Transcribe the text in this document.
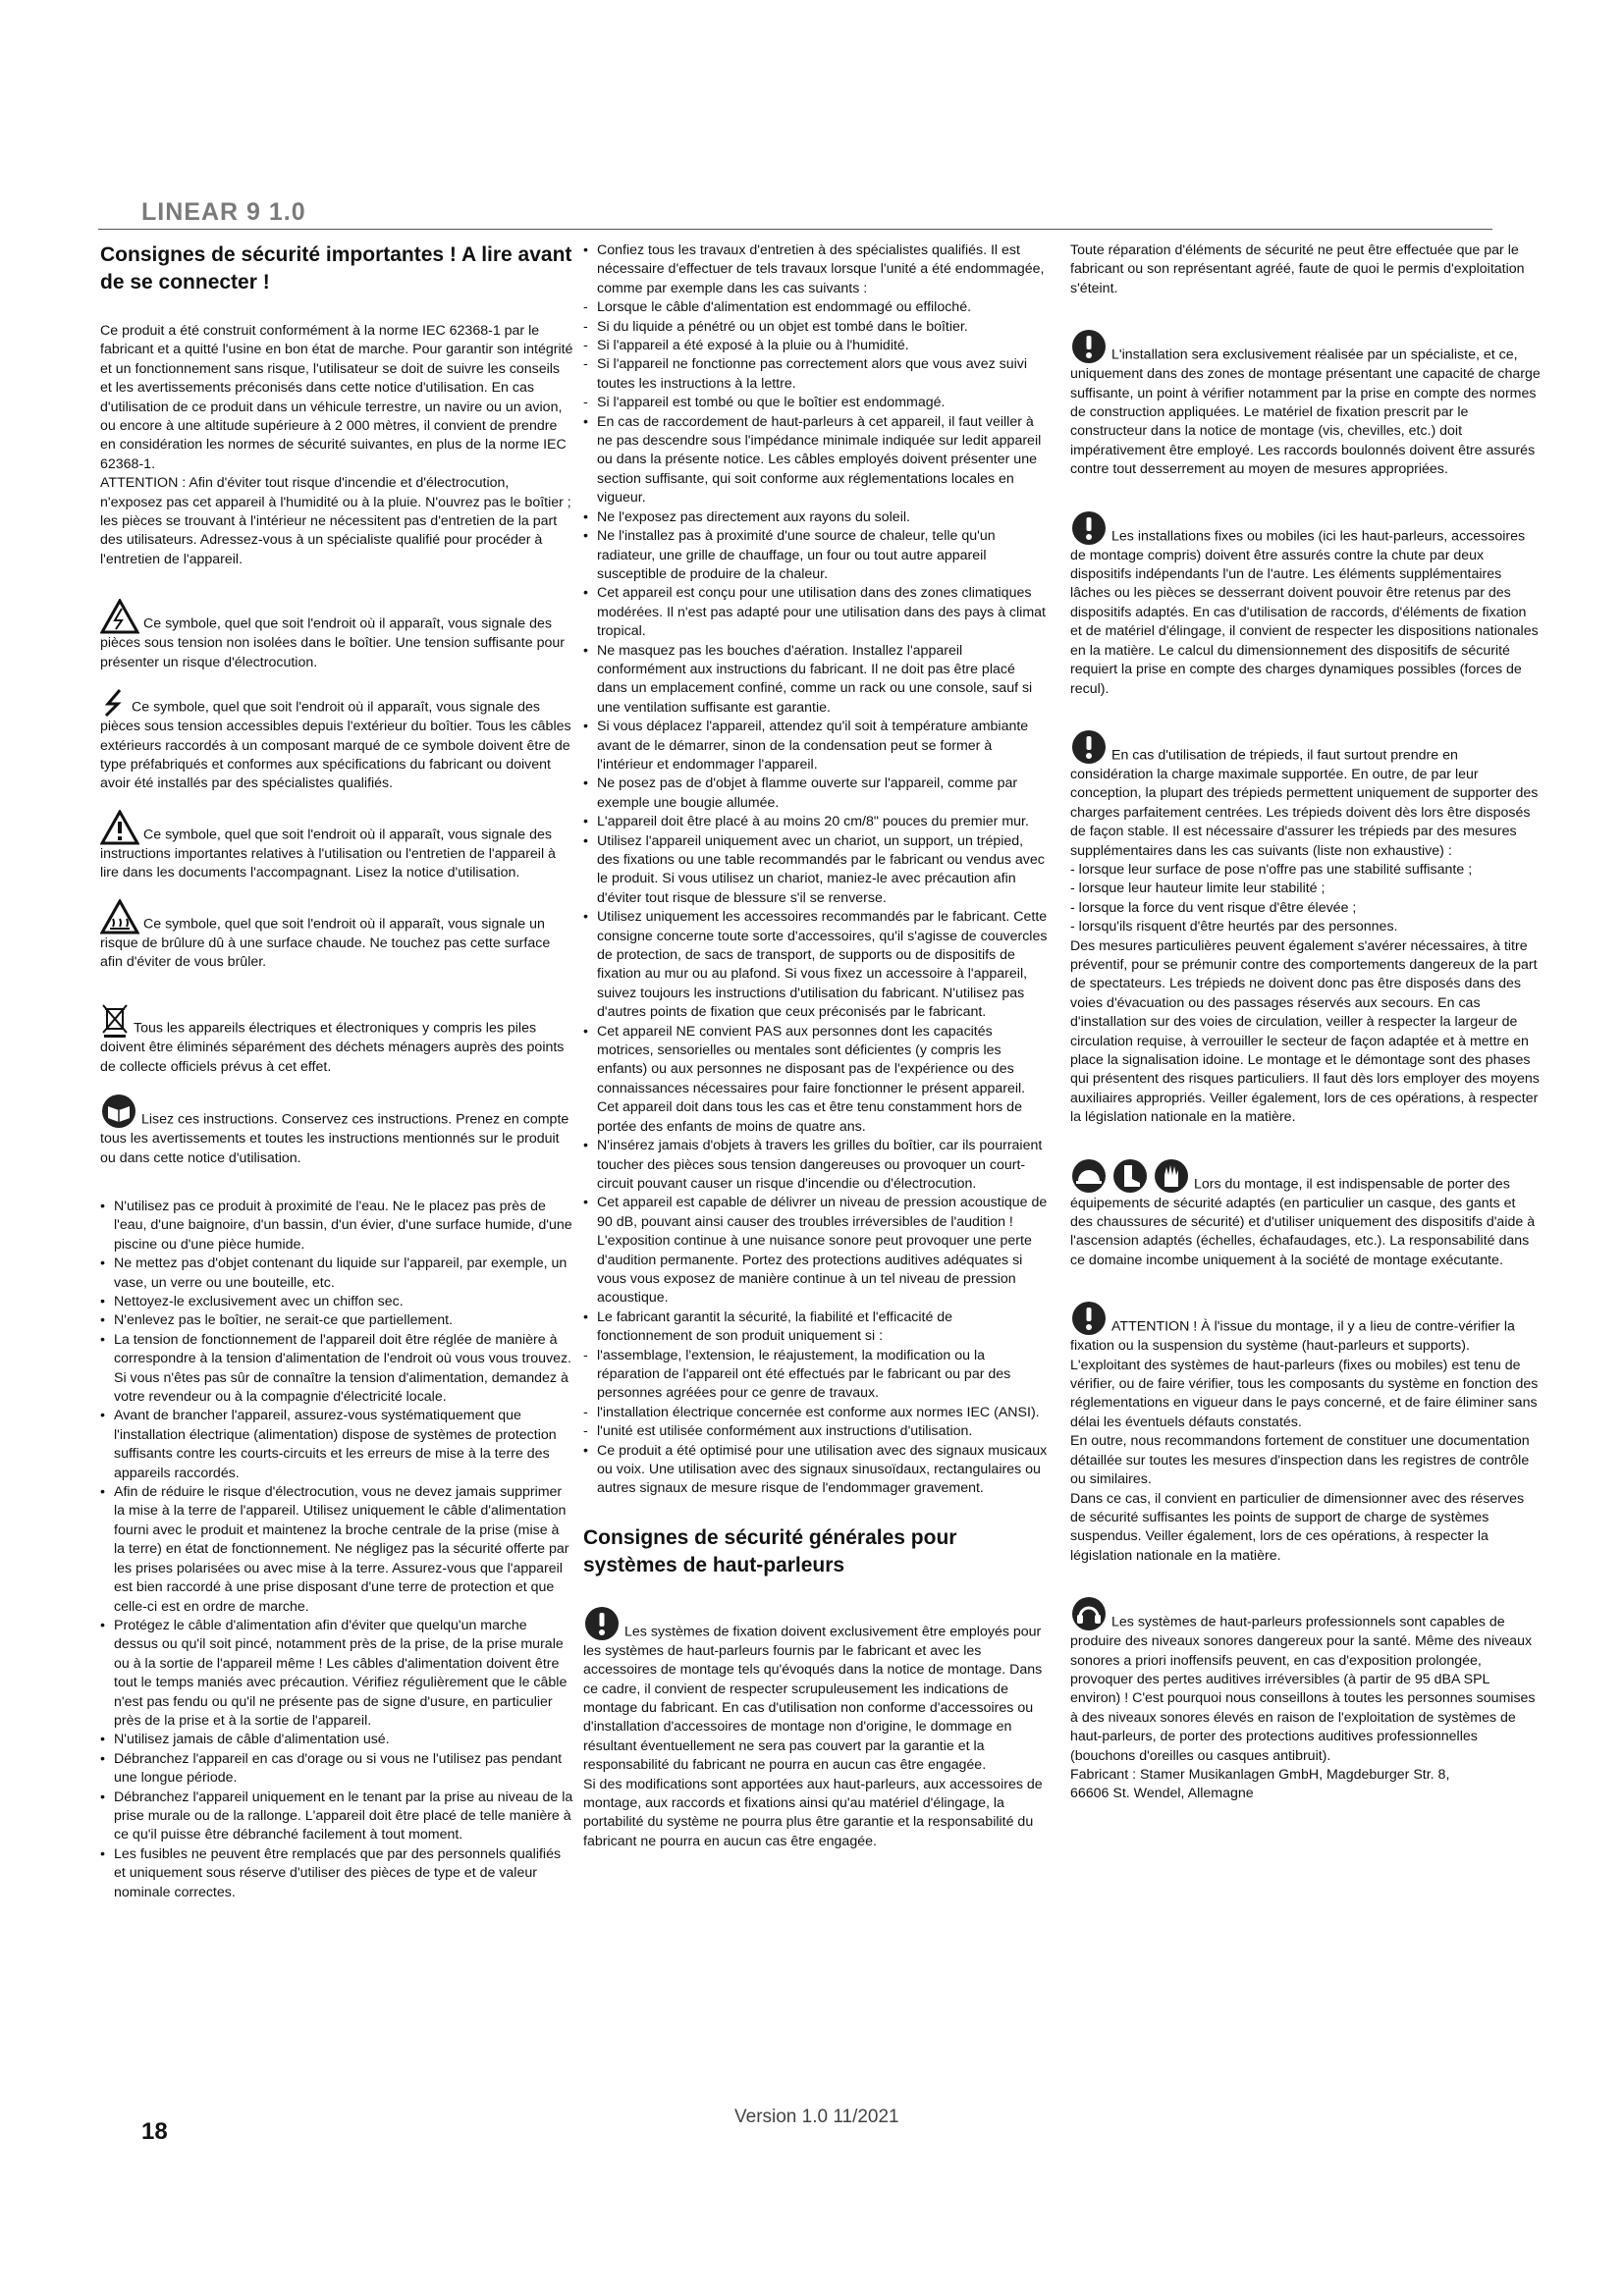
LINEAR 9 1.0
Consignes de sécurité importantes ! A lire avant de se connecter !

Ce produit a été construit conformément à la norme IEC 62368-1 par le fabricant et a quitté l'usine en bon état de marche. Pour garantir son intégrité et un fonctionnement sans risque, l'utilisateur se doit de suivre les conseils et les avertissements préconisés dans cette notice d'utilisation. En cas d'utilisation de ce produit dans un véhicule terrestre, un navire ou un avion, ou encore à une altitude supérieure à 2 000 mètres, il convient de prendre en considération les normes de sécurité suivantes, en plus de la norme IEC 62368-1.

ATTENTION : Afin d'éviter tout risque d'incendie et d'électrocution, n'exposez pas cet appareil à l'humidité ou à la pluie. N'ouvrez pas le boîtier ; les pièces se trouvant à l'intérieur ne nécessitent pas d'entretien de la part des utilisateurs. Adressez-vous à un spécialiste qualifié pour procéder à l'entretien de l'appareil.

Ce symbole, quel que soit l'endroit où il apparaît, vous signale des pièces sous tension non isolées dans le boîtier. Une tension suffisante pour présenter un risque d'électrocution.

Ce symbole, quel que soit l'endroit où il apparaît, vous signale des pièces sous tension accessibles depuis l'extérieur du boîtier. Tous les câbles extérieurs raccordés à un composant marqué de ce symbole doivent être de type préfabriqués et conformes aux spécifications du fabricant ou doivent avoir été installés par des spécialistes qualifiés.

Ce symbole, quel que soit l'endroit où il apparaît, vous signale des instructions importantes relatives à l'utilisation ou l'entretien de l'appareil à lire dans les documents l'accompagnant. Lisez la notice d'utilisation.

Ce symbole, quel que soit l'endroit où il apparaît, vous signale un risque de brûlure dû à une surface chaude. Ne touchez pas cette surface afin d'éviter de vous brûler.

Tous les appareils électriques et électroniques y compris les piles doivent être éliminés séparément des déchets ménagers auprès des points de collecte officiels prévus à cet effet.

Lisez ces instructions. Conservez ces instructions. Prenez en compte tous les avertissements et toutes les instructions mentionnés sur le produit ou dans cette notice d'utilisation.

• N'utilisez pas ce produit à proximité de l'eau. Ne le placez pas près de l'eau, d'une baignoire, d'un bassin, d'un évier, d'une surface humide, d'une piscine ou d'une pièce humide.
• Ne mettez pas d'objet contenant du liquide sur l'appareil, par exemple, un vase, un verre ou une bouteille, etc.
• Nettoyez-le exclusivement avec un chiffon sec.
• N'enlevez pas le boîtier, ne serait-ce que partiellement.
• La tension de fonctionnement de l'appareil doit être réglée de manière à correspondre à la tension d'alimentation de l'endroit où vous vous trouvez. Si vous n'êtes pas sûr de connaître la tension d'alimentation, demandez à votre revendeur ou à la compagnie d'électricité locale.
• Avant de brancher l'appareil, assurez-vous systématiquement que l'installation électrique (alimentation) dispose de systèmes de protection suffisants contre les courts-circuits et les erreurs de mise à la terre des appareils raccordés.
• Afin de réduire le risque d'électrocution, vous ne devez jamais supprimer la mise à la terre de l'appareil. Utilisez uniquement le câble d'alimentation fourni avec le produit et maintenez la broche centrale de la prise (mise à la terre) en état de fonctionnement. Ne négligez pas la sécurité offerte par les prises polarisées ou avec mise à la terre. Assurez-vous que l'appareil est bien raccordé à une prise disposant d'une terre de protection et que celle-ci est en ordre de marche.
• Protégez le câble d'alimentation afin d'éviter que quelqu'un marche dessus ou qu'il soit pincé, notamment près de la prise, de la prise murale ou à la sortie de l'appareil même ! Les câbles d'alimentation doivent être tout le temps maniés avec précaution. Vérifiez régulièrement que le câble n'est pas fendu ou qu'il ne présente pas de signe d'usure, en particulier près de la prise et à la sortie de l'appareil.
• N'utilisez jamais de câble d'alimentation usé.
• Débranchez l'appareil en cas d'orage ou si vous ne l'utilisez pas pendant une longue période.
• Débranchez l'appareil uniquement en le tenant par la prise au niveau de la prise murale ou de la rallonge. L'appareil doit être placé de telle manière à ce qu'il puisse être débranché facilement à tout moment.
• Les fusibles ne peuvent être remplacés que par des personnels qualifiés et uniquement sous réserve d'utiliser des pièces de type et de valeur nominale correctes.
• Confiez tous les travaux d'entretien à des spécialistes qualifiés. Il est nécessaire d'effectuer de tels travaux lorsque l'unité a été endommagée, comme par exemple dans les cas suivants :
- Lorsque le câble d'alimentation est endommagé ou effiloché.
- Si du liquide a pénétré ou un objet est tombé dans le boîtier.
- Si l'appareil a été exposé à la pluie ou à l'humidité.
- Si l'appareil ne fonctionne pas correctement alors que vous avez suivi toutes les instructions à la lettre.
- Si l'appareil est tombé ou que le boîtier est endommagé.
• En cas de raccordement de haut-parleurs à cet appareil, il faut veiller à ne pas descendre sous l'impédance minimale indiquée sur ledit appareil ou dans la présente notice. Les câbles employés doivent présenter une section suffisante, qui soit conforme aux réglementations locales en vigueur.
• Ne l'exposez pas directement aux rayons du soleil.
• Ne l'installez pas à proximité d'une source de chaleur, telle qu'un radiateur, une grille de chauffage, un four ou tout autre appareil susceptible de produire de la chaleur.
• Cet appareil est conçu pour une utilisation dans des zones climatiques modérées. Il n'est pas adapté pour une utilisation dans des pays à climat tropical.
• Ne masquez pas les bouches d'aération. Installez l'appareil conformément aux instructions du fabricant. Il ne doit pas être placé dans un emplacement confiné, comme un rack ou une console, sauf si une ventilation suffisante est garantie.
• Si vous déplacez l'appareil, attendez qu'il soit à température ambiante avant de le démarrer, sinon de la condensation peut se former à l'intérieur et endommager l'appareil.
• Ne posez pas de d'objet à flamme ouverte sur l'appareil, comme par exemple une bougie allumée.
• L'appareil doit être placé à au moins 20 cm/8" pouces du premier mur.
• Utilisez l'appareil uniquement avec un chariot, un support, un trépied, des fixations ou une table recommandés par le fabricant ou vendus avec le produit. Si vous utilisez un chariot, maniez-le avec précaution afin d'éviter tout risque de blessure s'il se renverse.
• Utilisez uniquement les accessoires recommandés par le fabricant. Cette consigne concerne toute sorte d'accessoires, qu'il s'agisse de couvercles de protection, de sacs de transport, de supports ou de dispositifs de fixation au mur ou au plafond. Si vous fixez un accessoire à l'appareil, suivez toujours les instructions d'utilisation du fabricant. N'utilisez pas d'autres points de fixation que ceux préconisés par le fabricant.
• Cet appareil NE convient PAS aux personnes dont les capacités motrices, sensorielles ou mentales sont déficientes (y compris les enfants) ou aux personnes ne disposant pas de l'expérience ou des connaissances nécessaires pour faire fonctionner le présent appareil. Cet appareil doit dans tous les cas et être tenu constamment hors de portée des enfants de moins de quatre ans.
• N'insérez jamais d'objets à travers les grilles du boîtier, car ils pourraient toucher des pièces sous tension dangereuses ou provoquer un court-circuit pouvant causer un risque d'incendie ou d'électrocution.
• Cet appareil est capable de délivrer un niveau de pression acoustique de 90 dB, pouvant ainsi causer des troubles irréversibles de l'audition ! L'exposition continue à une nuisance sonore peut provoquer une perte d'audition permanente. Portez des protections auditives adéquates si vous vous exposez de manière continue à un tel niveau de pression acoustique.
• Le fabricant garantit la sécurité, la fiabilité et l'efficacité de fonctionnement de son produit uniquement si :
- l'assemblage, l'extension, le réajustement, la modification ou la réparation de l'appareil ont été effectués par le fabricant ou par des personnes agréées pour ce genre de travaux.
- l'installation électrique concernée est conforme aux normes IEC (ANSI).
- l'unité est utilisée conformément aux instructions d'utilisation.
• Ce produit a été optimisé pour une utilisation avec des signaux musicaux ou voix. Une utilisation avec des signaux sinusoïdaux, rectangulaires ou autres signaux de mesure risque de l'endommager gravement.
Consignes de sécurité générales pour systèmes de haut-parleurs

Les systèmes de fixation doivent exclusivement être employés pour les systèmes de haut-parleurs fournis par le fabricant et avec les accessoires de montage tels qu'évoqués dans la notice de montage. Dans ce cadre, il convient de respecter scrupuleusement les indications de montage du fabricant. En cas d'utilisation non conforme d'accessoires ou d'installation d'accessoires de montage non d'origine, le dommage en résultant éventuellement ne sera pas couvert par la garantie et la responsabilité du fabricant ne pourra en aucun cas être engagée.

Si des modifications sont apportées aux haut-parleurs, aux accessoires de montage, aux raccords et fixations ainsi qu'au matériel d'élingage, la portabilité du système ne pourra plus être garantie et la responsabilité du fabricant ne pourra en aucun cas être engagée.

Toute réparation d'éléments de sécurité ne peut être effectuée que par le fabricant ou son représentant agréé, faute de quoi le permis d'exploitation s'éteint.

L'installation sera exclusivement réalisée par un spécialiste, et ce, uniquement dans des zones de montage présentant une capacité de charge suffisante, un point à vérifier notamment par la prise en compte des normes de construction appliquées. Le matériel de fixation prescrit par le constructeur dans la notice de montage (vis, chevilles, etc.) doit impérativement être employé. Les raccords boulonnés doivent être assurés contre tout desserrement au moyen de mesures appropriées.

Les installations fixes ou mobiles (ici les haut-parleurs, accessoires de montage compris) doivent être assurés contre la chute par deux dispositifs indépendants l'un de l'autre. Les éléments supplémentaires lâches ou les pièces se desserrant doivent pouvoir être retenus par des dispositifs adaptés. En cas d'utilisation de raccords, d'éléments de fixation et de matériel d'élingage, il convient de respecter les dispositions nationales en la matière. Le calcul du dimensionnement des dispositifs de sécurité requiert la prise en compte des charges dynamiques possibles (forces de recul).

En cas d'utilisation de trépieds, il faut surtout prendre en considération la charge maximale supportée. En outre, de par leur conception, la plupart des trépieds permettent uniquement de supporter des charges parfaitement centrées. Les trépieds doivent dès lors être disposés de façon stable. Il est nécessaire d'assurer les trépieds par des mesures supplémentaires dans les cas suivants (liste non exhaustive) :

- lorsque leur surface de pose n'offre pas une stabilité suffisante ;

- lorsque leur hauteur limite leur stabilité ;

- lorsque la force du vent risque d'être élevée ;

- lorsqu'ils risquent d'être heurtés par des personnes.

Des mesures particulières peuvent également s'avérer nécessaires, à titre préventif, pour se prémunir contre des comportements dangereux de la part de spectateurs. Les trépieds ne doivent donc pas être disposés dans des voies d'évacuation ou des passages réservés aux secours. En cas d'installation sur des voies de circulation, veiller à respecter la largeur de circulation requise, à verrouiller le secteur de façon adaptée et à mettre en place la signalisation idoine. Le montage et le démontage sont des phases qui présentent des risques particuliers. Il faut dès lors employer des moyens auxiliaires appropriés. Veiller également, lors de ces opérations, à respecter la législation nationale en la matière.

Lors du montage, il est indispensable de porter des équipements de sécurité adaptés (en particulier un casque, des gants et des chaussures de sécurité) et d'utiliser uniquement des dispositifs d'aide à l'ascension adaptés (échelles, échafaudages, etc.). La responsabilité dans ce domaine incombe uniquement à la société de montage exécutante.

ATTENTION ! À l'issue du montage, il y a lieu de contre-vérifier la fixation ou la suspension du système (haut-parleurs et supports). L'exploitant des systèmes de haut-parleurs (fixes ou mobiles) est tenu de vérifier, ou de faire vérifier, tous les composants du système en fonction des réglementations en vigueur dans le pays concerné, et de faire éliminer sans délai les éventuels défauts constatés.

En outre, nous recommandons fortement de constituer une documentation détaillée sur toutes les mesures d'inspection dans les registres de contrôle ou similaires.

Dans ce cas, il convient en particulier de dimensionner avec des réserves de sécurité suffisantes les points de support de charge de systèmes suspendus. Veiller également, lors de ces opérations, à respecter la législation nationale en la matière.

Les systèmes de haut-parleurs professionnels sont capables de produire des niveaux sonores dangereux pour la santé. Même des niveaux sonores a priori inoffensifs peuvent, en cas d'exposition prolongée, provoquer des pertes auditives irréversibles (à partir de 95 dBA SPL environ) ! C'est pourquoi nous conseillons à toutes les personnes soumises à des niveaux sonores élevés en raison de l'exploitation de systèmes de haut-parleurs, de porter des protections auditives professionnelles (bouchons d'oreilles ou casques antibruit).

Fabricant : Stamer Musikanlagen GmbH, Magdeburger Str. 8,

66606 St. Wendel, Allemagne

18
Version 1.0 11/2021
